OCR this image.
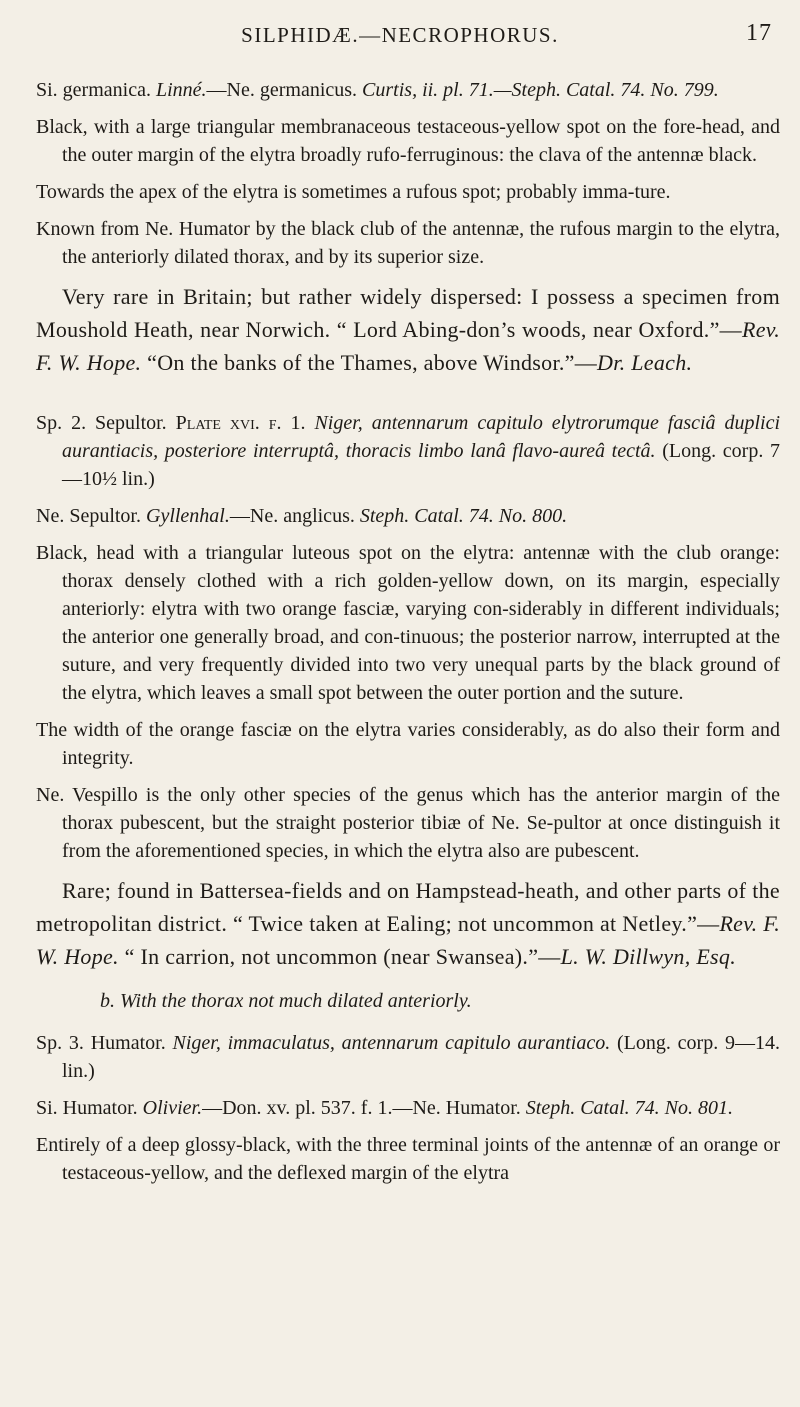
SILPHIDÆ.—NECROPHORUS.	17

Si. germanica. Linné.—Ne. germanicus. Curtis, ii. pl. 71.—Steph. Catal. 74. No. 799.

Black, with a large triangular membranaceous testaceous-yellow spot on the fore-head, and the outer margin of the elytra broadly rufo-ferruginous: the clava of the antennæ black.

Towards the apex of the elytra is sometimes a rufous spot; probably imma-ture.

Known from Ne. Humator by the black club of the antennæ, the rufous margin to the elytra, the anteriorly dilated thorax, and by its superior size.

Very rare in Britain; but rather widely dispersed: I possess a specimen from Moushold Heath, near Norwich. “ Lord Abing-don’s woods, near Oxford.”—Rev. F. W. Hope. “On the banks of the Thames, above Windsor.”—Dr. Leach.

Sp. 2. Sepultor. Plate xvi. f. 1. Niger, antennarum capitulo elytrorumque fasciâ duplici aurantiacis, posteriore interruptâ, thoracis limbo lanâ flavo-aureâ tectâ. (Long. corp. 7—10½ lin.)

Ne. Sepultor. Gyllenhal.—Ne. anglicus. Steph. Catal. 74. No. 800.

Black, head with a triangular luteous spot on the elytra: antennæ with the club orange: thorax densely clothed with a rich golden-yellow down, on its margin, especially anteriorly: elytra with two orange fasciæ, varying con-siderably in different individuals; the anterior one generally broad, and con-tinuous; the posterior narrow, interrupted at the suture, and very frequently divided into two very unequal parts by the black ground of the elytra, which leaves a small spot between the outer portion and the suture.

The width of the orange fasciæ on the elytra varies considerably, as do also their form and integrity.

Ne. Vespillo is the only other species of the genus which has the anterior margin of the thorax pubescent, but the straight posterior tibiæ of Ne. Se-pultor at once distinguish it from the aforementioned species, in which the elytra also are pubescent.

Rare; found in Battersea-fields and on Hampstead-heath, and other parts of the metropolitan district. “ Twice taken at Ealing; not uncommon at Netley.”—Rev. F. W. Hope. “ In carrion, not uncommon (near Swansea).”—L. W. Dillwyn, Esq.

b. With the thorax not much dilated anteriorly.

Sp. 3. Humator. Niger, immaculatus, antennarum capitulo aurantiaco. (Long. corp. 9—14. lin.)

Si. Humator. Olivier.—Don. xv. pl. 537. f. 1.—Ne. Humator. Steph. Catal. 74. No. 801.

Entirely of a deep glossy-black, with the three terminal joints of the antennæ of an orange or testaceous-yellow, and the deflexed margin of the elytra
